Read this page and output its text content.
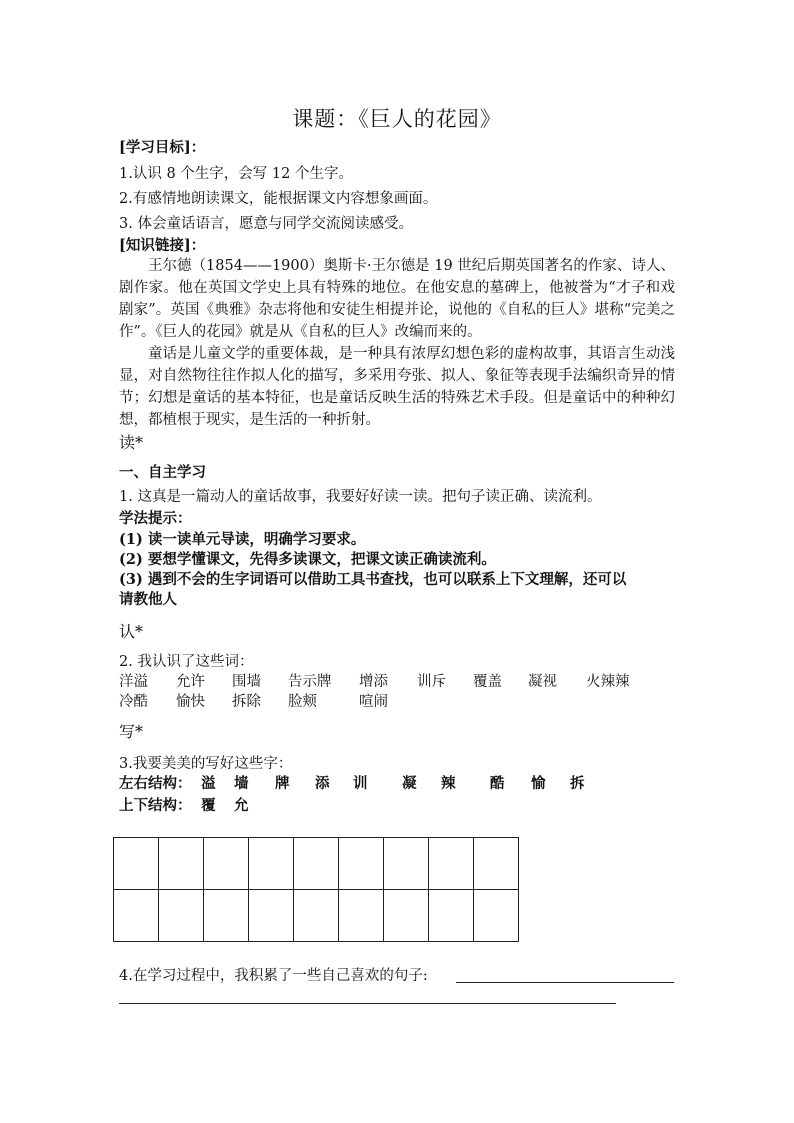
课题：《巨人的花园》
[学习目标]：
1.认识 8 个生字，会写 12 个生字。
2.有感情地朗读课文，能根据课文内容想象画面。
3. 体会童话语言，愿意与同学交流阅读感受。
[知识链接]：

王尔德（1854——1900）奥斯卡·王尔德是 19 世纪后期英国著名的作家、诗人、剧作家。他在英国文学史上具有特殊的地位。在他安息的墓碑上，他被誉为“才子和戏剧家”。英国《典雅》杂志将他和安徒生相提并论，说他的《自私的巨人》堪称“完美之作”。《巨人的花园》就是从《自私的巨人》改编而来的。

童话是儿童文学的重要体裁，是一种具有浓厚幻想色彩的虚构故事，其语言生动浅显，对自然物往往作拟人化的描写，多采用夸张、拟人、象征等表现手法编织奇异的情节；幻想是童话的基本特征，也是童话反映生活的特殊艺术手段。但是童话中的种种幻想，都植根于现实，是生活的一种折射。

读*
一、自主学习
1. 这真是一篇动人的童话故事，我要好好读一读。把句子读正确、读流利。
学法提示：
(1) 读一读单元导读，明确学习要求。
(2) 要想学懂课文，先得多读课文，把课文读正确读流利。
(3) 遇到不会的生字词语可以借助工具书查找，也可以联系上下文理解，还可以
请教他人
认*
2. 我认识了这些词：
洋溢 允许 围墙 告示牌 增添 训斥 覆盖 凝视 火辣辣
冷酷 愉快 拆除 脸颊	喧闹
写*
3.我要美美的写好这些字：
左右结构： 溢 墙 牌 添 训 凝 辣 酷 愉 拆
上下结构： 覆 允

4.在学习过程中，我积累了一些自己喜欢的句子:
